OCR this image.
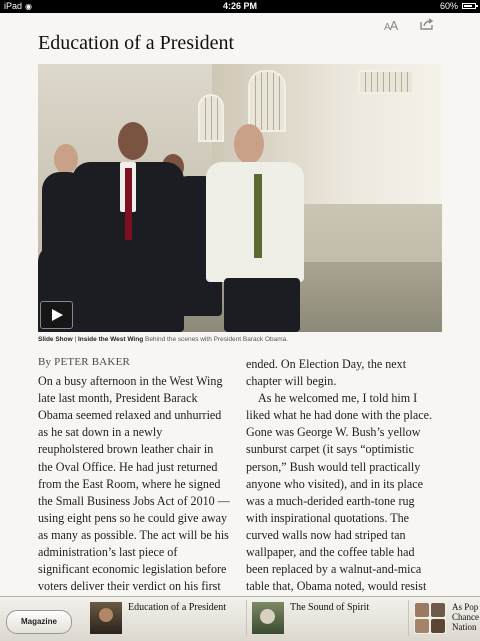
iPad ◉	4:26 PM	60%
AA
Education of a President
Slide Show | Inside the West Wing Behind the scenes with President Barack Obama.
By PETER BAKER

On a busy afternoon in the West Wing late last month, President Barack Obama seemed relaxed and unhurried as he sat down in a newly reupholstered brown leather chair in the Oval Office. He had just returned from the East Room, where he signed the Small Business Jobs Act of 2010 — using eight pens so he could give away as many as possible. The act will be his administration’s last piece of significant economic legislation before voters deliver their verdict on his first

ended. On Election Day, the next chapter will begin.

As he welcomed me, I told him I liked what he had done with the place. Gone was George W. Bush’s yellow sunburst carpet (it says “optimistic person,” Bush would tell practically anyone who visited), and in its place was a much-derided earth-tone rug with inspirational quotations. The curved walls now had striped tan wallpaper, and the coffee table had been replaced by a walnut-and-mica table that, Obama noted, would resist

Magazine
Education of a President	The Sound of Spirit	As Pop
Chance
Nation
